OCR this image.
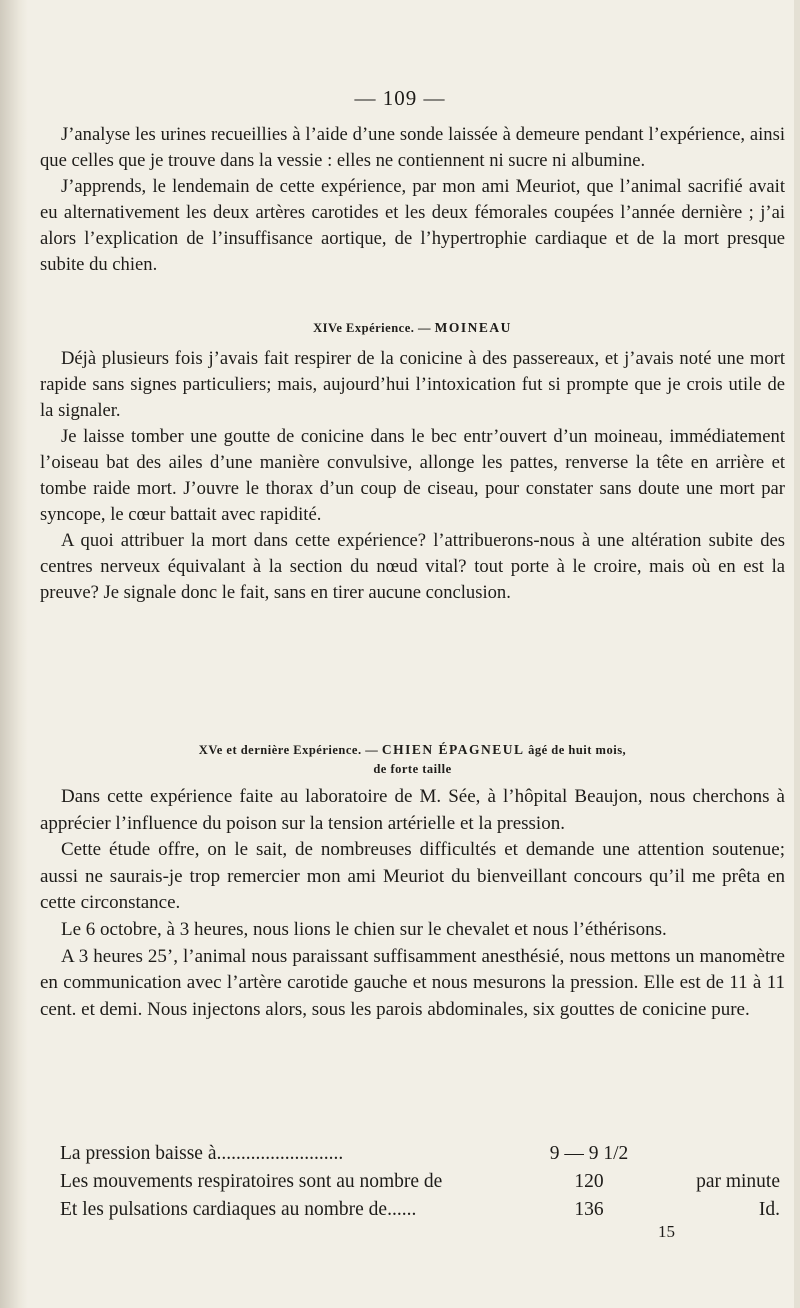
— 109 —

J’analyse les urines recueillies à l’aide d’une sonde laissée à demeure pendant l’expérience, ainsi que celles que je trouve dans la vessie : elles ne contiennent ni sucre ni albumine.

J’apprends, le lendemain de cette expérience, par mon ami Meuriot, que l’animal sacrifié avait eu alternativement les deux artères carotides et les deux fémorales coupées l’année dernière ; j’ai alors l’explication de l’insuffisance aortique, de l’hypertrophie cardiaque et de la mort presque subite du chien.

XIVe Expérience. — MOINEAU

Déjà plusieurs fois j’avais fait respirer de la conicine à des passereaux, et j’avais noté une mort rapide sans signes particuliers; mais, aujourd’hui l’intoxication fut si prompte que je crois utile de la signaler.

Je laisse tomber une goutte de conicine dans le bec entr’ouvert d’un moineau, immédiatement l’oiseau bat des ailes d’une manière convulsive, allonge les pattes, renverse la tête en arrière et tombe raide mort. J’ouvre le thorax d’un coup de ciseau, pour constater sans doute une mort par syncope, le cœur battait avec rapidité.

A quoi attribuer la mort dans cette expérience? l’attribuerons-nous à une altération subite des centres nerveux équivalant à la section du nœud vital? tout porte à le croire, mais où en est la preuve? Je signale donc le fait, sans en tirer aucune conclusion.

XVe et dernière Expérience. — CHIEN ÉPAGNEUL âgé de huit mois,
de forte taille

Dans cette expérience faite au laboratoire de M. Sée, à l’hôpital Beaujon, nous cherchons à apprécier l’influence du poison sur la tension artérielle et la pression.

Cette étude offre, on le sait, de nombreuses difficultés et demande une attention soutenue; aussi ne saurais-je trop remercier mon ami Meuriot du bienveillant concours qu’il me prêta en cette circonstance.

Le 6 octobre, à 3 heures, nous lions le chien sur le chevalet et nous l’éthérisons.

A 3 heures 25’, l’animal nous paraissant suffisamment anesthésié, nous mettons un manomètre en communication avec l’artère carotide gauche et nous mesurons la pression. Elle est de 11 à 11 cent. et demi. Nous injectons alors, sous les parois abdominales, six gouttes de conicine pure.

La pression baisse à..........................	9 — 9 1/2	
Les mouvements respiratoires sont au nombre de	120	par minute
Et les pulsations cardiaques au nombre de......	136	Id.
15
